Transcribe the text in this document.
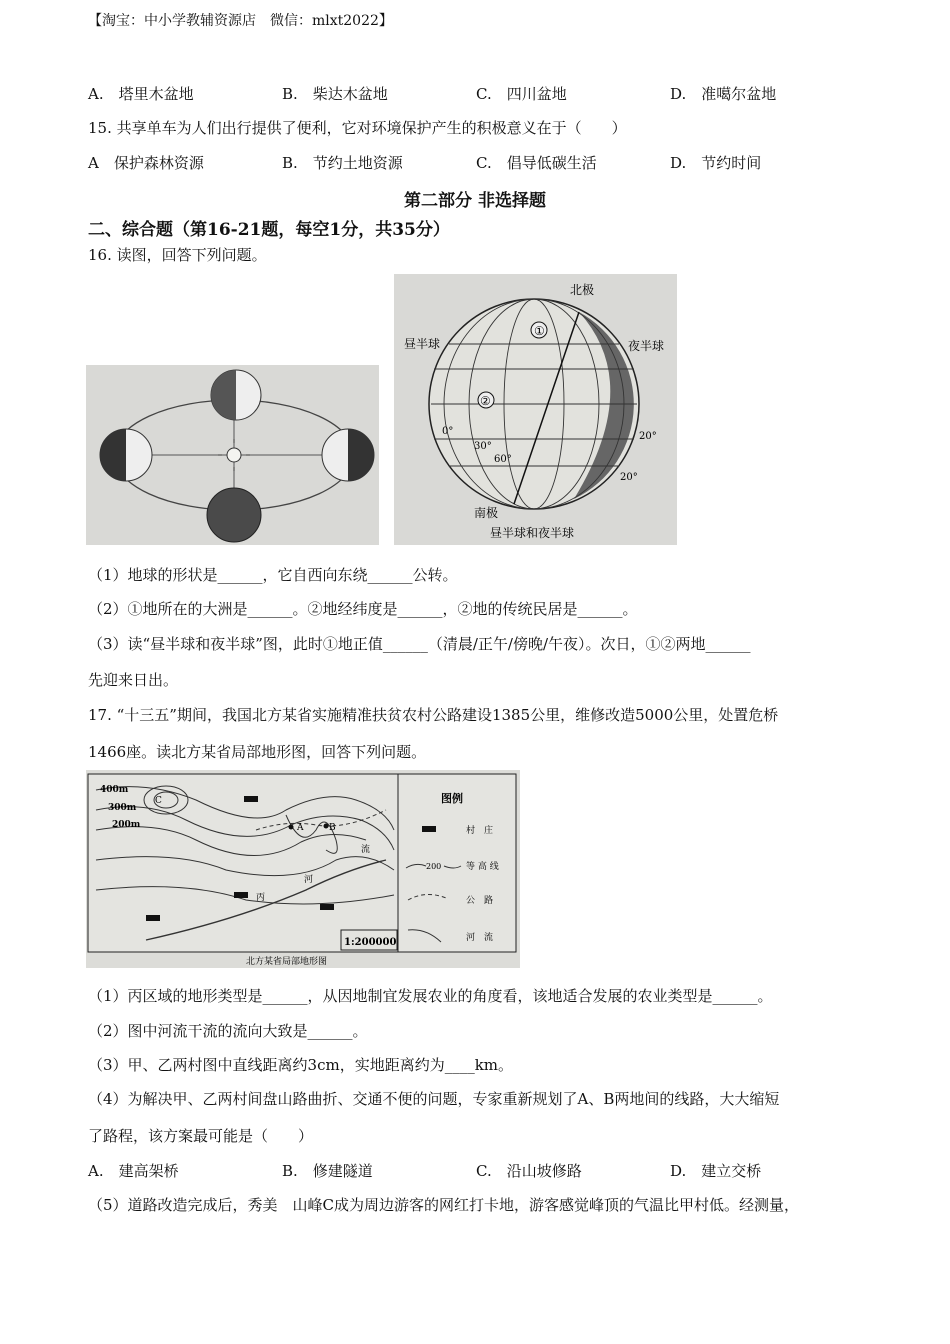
【淘宝：中小学教辅资源店　微信：mlxt2022】
A.　塔里木盆地	B.　柴达木盆地	C.　四川盆地	D.　准噶尔盆地
15. 共享单车为人们出行提供了便利，它对环境保护产生的积极意义在于（　　）
A　保护森林资源	B.　节约土地资源	C.　倡导低碳生活	D.　节约时间
第二部分 非选择题
二、综合题（第16-21题，每空1分，共35分）
16. 读图，回答下列问题。
①
②
北极
昼半球	夜半球
南极
昼半球和夜半球
0°
30°
60°
20°
20°
（1）地球的形状是______，它自西向东绕______公转。
（2）①地所在的大洲是______。②地经纬度是______，②地的传统民居是______。
（3）读“昼半球和夜半球”图，此时①地正值______（清晨/正午/傍晚/午夜）。次日，①②两地______
先迎来日出。
17. “十三五”期间，我国北方某省实施精准扶贫农村公路建设1385公里，维修改造5000公里，处置危桥
1466座。读北方某省局部地形图，回答下列问题。
A	B
C
400m
300m
200m
丙
河
流
1:200000
图例
村　庄
200	等 高 线
公　路
河　流
北方某省局部地形图
（1）丙区域的地形类型是______，从因地制宜发展农业的角度看，该地适合发展的农业类型是______。
（2）图中河流干流的流向大致是______。
（3）甲、乙两村图中直线距离约3cm，实地距离约为____km。
（4）为解决甲、乙两村间盘山路曲折、交通不便的问题，专家重新规划了A、B两地间的线路，大大缩短
了路程，该方案最可能是（　　）
A.　建高架桥	B.　修建隧道	C.　沿山坡修路	D.　建立交桥
（5）道路改造完成后，秀美　山峰C成为周边游客的网红打卡地，游客感觉峰顶的气温比甲村低。经测量，
